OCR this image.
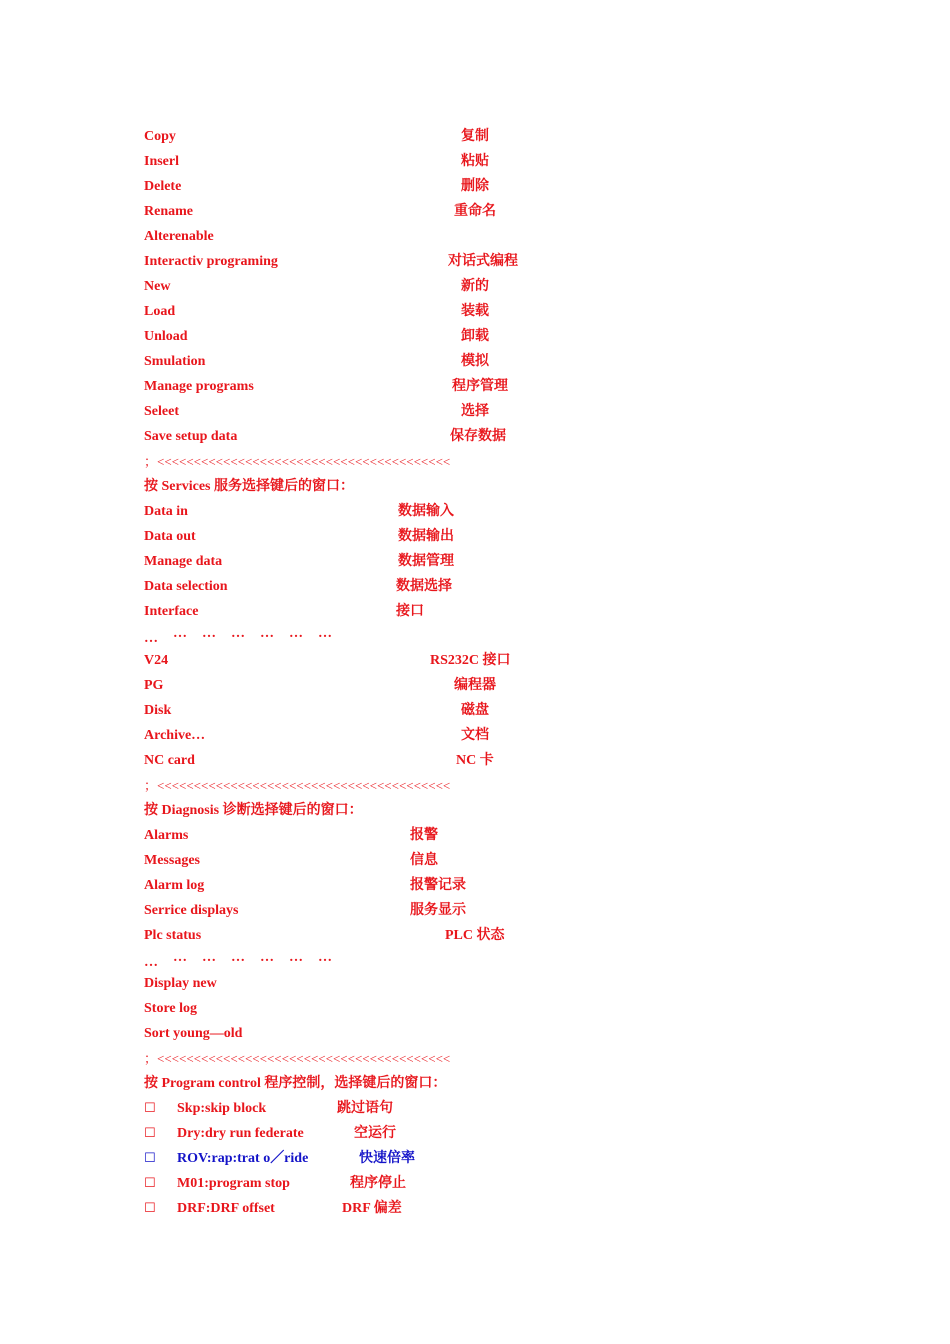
Copy	复制
Inserl	粘贴
Delete	删除
Rename	重命名
Alterenable
Interactiv programing	对话式编程
New	新的
Load	装载
Unload	卸载
Smulation	模拟
Manage programs	程序管理
Seleet	选择
Save setup data	保存数据
；<<<<<<<<<<<<<<<<<<<<<<<<<<<<<<<<<<<<<<<<
按 Services 服务选择键后的窗口：
Data in	数据输入
Data out	数据输出
Manage data	数据管理
Data selection	数据选择
Interface	接口
… … … … … … …
V24	RS232C 接口
PG	编程器
Disk	磁盘
Archive…	文档
NC card	NC 卡
；<<<<<<<<<<<<<<<<<<<<<<<<<<<<<<<<<<<<<<<<
按 Diagnosis 诊断选择键后的窗口：
Alarms	报警
Messages	信息
Alarm log	报警记录
Serrice displays	服务显示
Plc status	PLC 状态
… … … … … … …
Display new
Store log
Sort young—old
；<<<<<<<<<<<<<<<<<<<<<<<<<<<<<<<<<<<<<<<<
按 Program control 程序控制，选择键后的窗口：
☐ Skp:skip block	跳过语句
☐ Dry:dry run federate	空运行
☐ ROV:rap:trat o／ride	快速倍率
☐ M01:program stop	程序停止
☐ DRF:DRF offset	DRF 偏差
